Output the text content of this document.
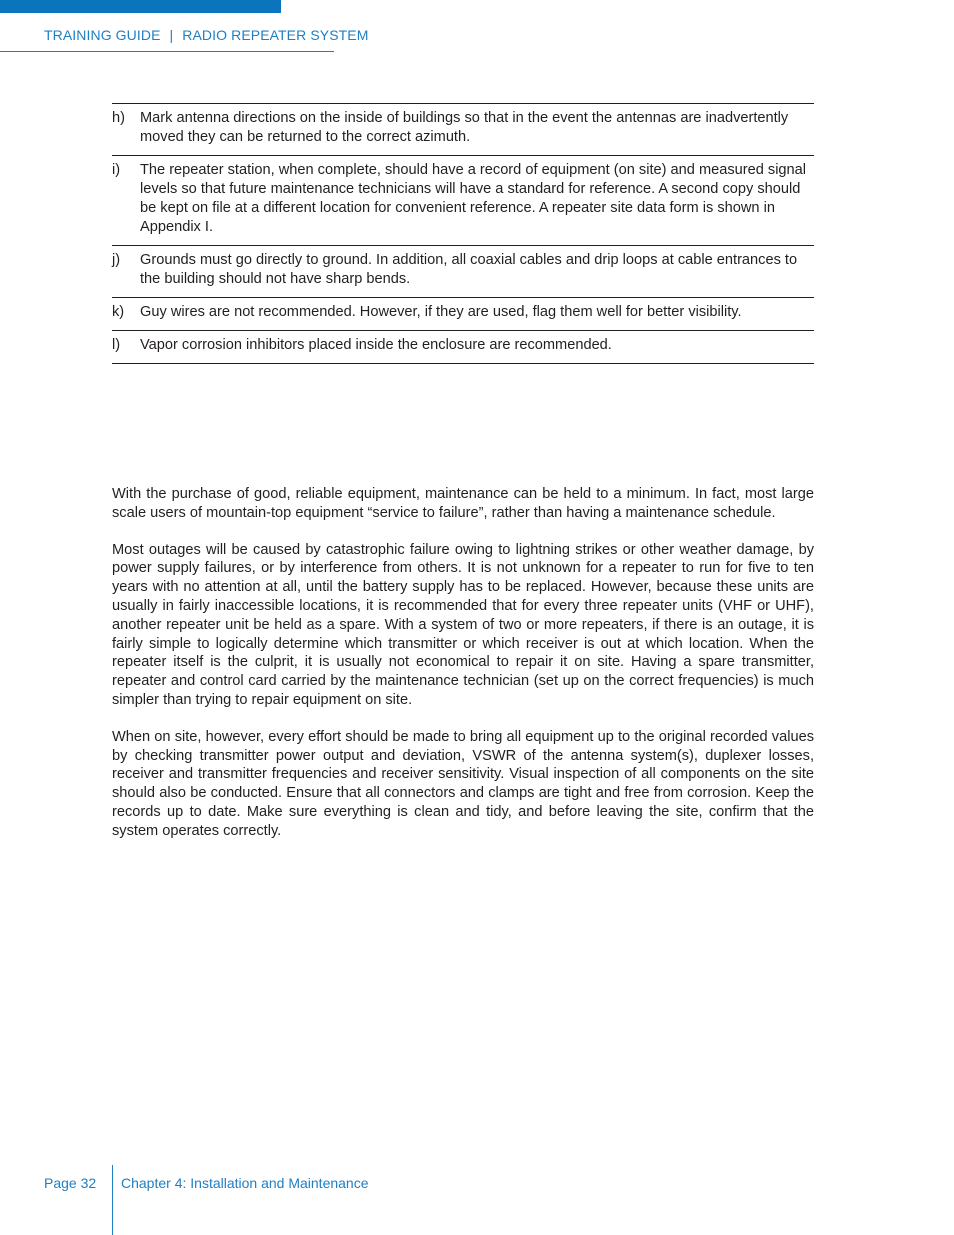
TRAINING GUIDE | RADIO REPEATER SYSTEM
h)	Mark antenna directions on the inside of buildings so that in the event the antennas are inadvertently moved they can be returned to the correct azimuth.
i)	The repeater station, when complete, should have a record of equipment (on site) and measured signal levels so that future maintenance technicians will have a standard for reference. A second copy should be kept on file at a different location for convenient reference. A repeater site data form is shown in Appendix I.
j)	Grounds must go directly to ground. In addition, all coaxial cables and drip loops at cable entrances to the building should not have sharp bends.
k)	Guy wires are not recommended. However, if they are used, flag them well for better visibility.
l)	Vapor corrosion inhibitors placed inside the enclosure are recommended.

With the purchase of good, reliable equipment, maintenance can be held to a minimum. In fact, most large scale users of mountain-top equipment “service to failure”, rather than having a maintenance schedule.

Most outages will be caused by catastrophic failure owing to lightning strikes or other weather damage, by power supply failures, or by interference from others. It is not unknown for a repeater to run for five to ten years with no attention at all, until the battery supply has to be replaced. However, because these units are usually in fairly inaccessible locations, it is recommended that for every three repeater units (VHF or UHF), another repeater unit be held as a spare. With a system of two or more repeaters, if there is an outage, it is fairly simple to logically determine which transmitter or which receiver is out at which location. When the repeater itself is the culprit, it is usually not economical to repair it on site. Having a spare transmitter, repeater and control card carried by the maintenance technician (set up on the correct frequencies) is much simpler than trying to repair equipment on site.

When on site, however, every effort should be made to bring all equipment up to the original recorded values by checking transmitter power output and deviation, VSWR of the antenna system(s), duplexer losses, receiver and transmitter frequencies and receiver sensitivity. Visual inspection of all components on the site should also be conducted. Ensure that all connectors and clamps are tight and free from corrosion. Keep the records up to date. Make sure everything is clean and tidy, and before leaving the site, confirm that the system operates correctly.

Page 32 Chapter 4: Installation and Maintenance
